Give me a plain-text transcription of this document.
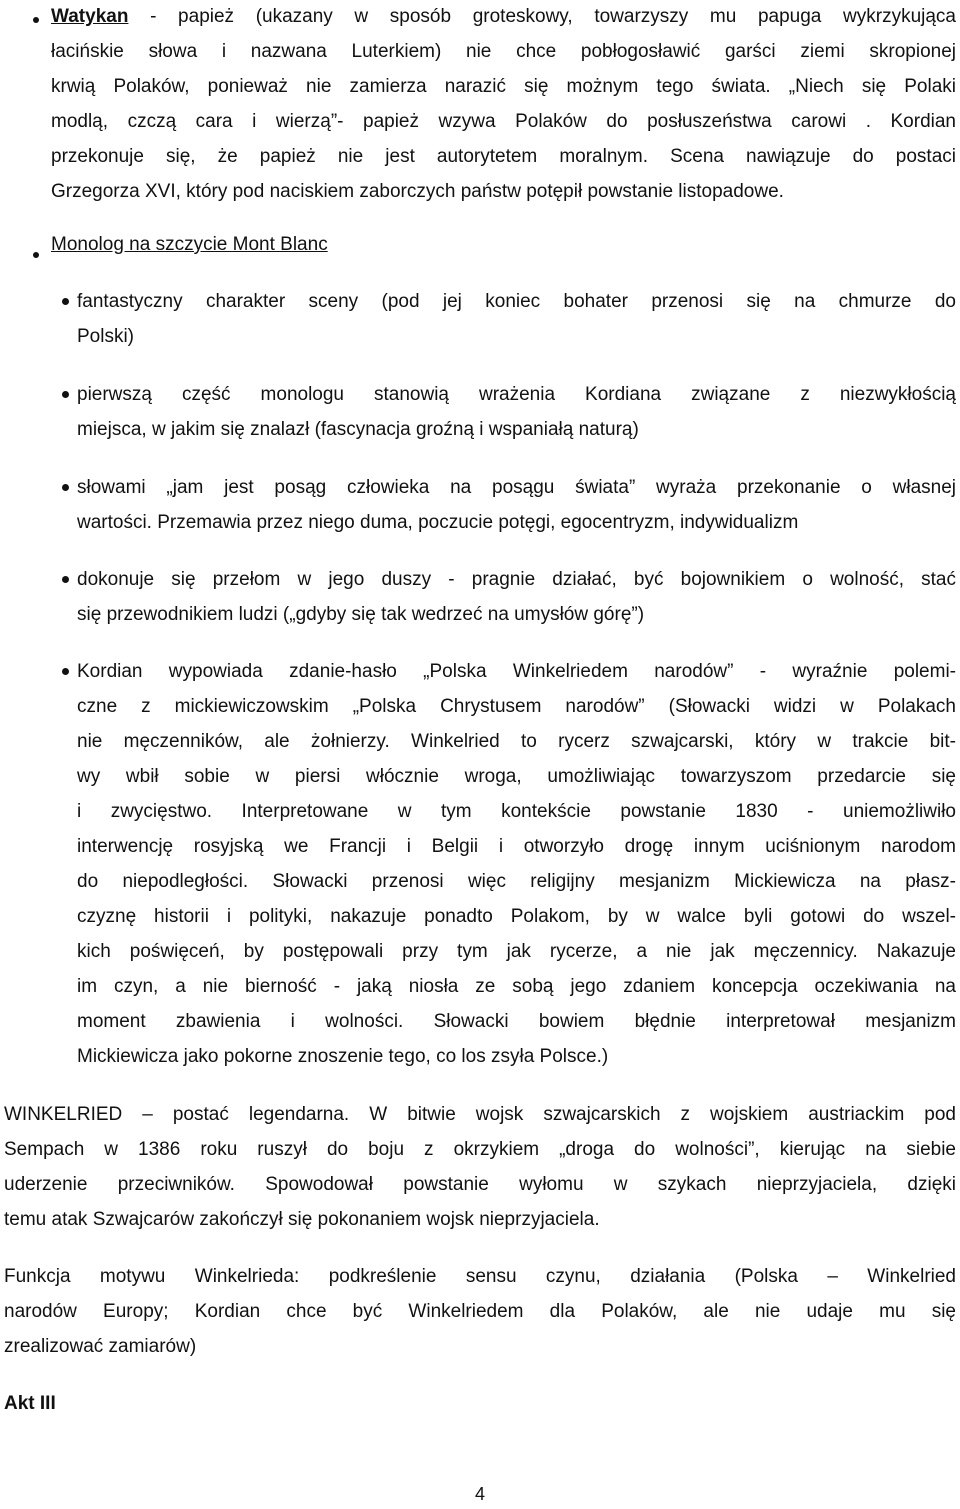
Watykan - papież (ukazany w sposób groteskowy, towarzyszy mu papuga wykrzykująca
łacińskie słowa i nazwana Luterkiem) nie chce pobłogosławić garści ziemi skropionej
krwią Polaków, ponieważ nie zamierza narazić się możnym tego świata. „Niech się Polaki
modlą, czczą cara i wierzą”- papież wzywa Polaków do posłuszeństwa carowi . Kordian
przekonuje się, że papież nie jest autorytetem moralnym. Scena nawiązuje do postaci
Grzegorza XVI, który pod naciskiem zaborczych państw potępił powstanie listopadowe.
Monolog na szczycie Mont Blanc
fantastyczny charakter sceny (pod jej koniec bohater przenosi się na chmurze do
Polski)
pierwszą część monologu stanowią wrażenia Kordiana związane z niezwykłością
miejsca, w jakim się znalazł (fascynacja groźną i wspaniałą naturą)
słowami „jam jest posąg człowieka na posągu świata” wyraża przekonanie o własnej
wartości. Przemawia przez niego duma, poczucie potęgi, egocentryzm, indywidualizm
dokonuje się przełom w jego duszy - pragnie działać, być bojownikiem o wolność, stać
się przewodnikiem ludzi („gdyby się tak wedrzeć na umysłów górę”)
Kordian wypowiada zdanie-hasło „Polska Winkelriedem narodów” - wyraźnie polemi-
czne z mickiewiczowskim „Polska Chrystusem narodów” (Słowacki widzi w Polakach
nie męczenników, ale żołnierzy. Winkelried to rycerz szwajcarski, który w trakcie bit-
wy wbił sobie w piersi włócznie wroga, umożliwiając towarzyszom przedarcie się
i zwycięstwo. Interpretowane w tym kontekście powstanie 1830 - uniemożliwiło
interwencję rosyjską we Francji i Belgii i otworzyło drogę innym uciśnionym narodom
do niepodległości. Słowacki przenosi więc religijny mesjanizm Mickiewicza na płasz-
czyznę historii i polityki, nakazuje ponadto Polakom, by w walce byli gotowi do wszel-
kich poświęceń, by postępowali przy tym jak rycerze, a nie jak męczennicy. Nakazuje
im czyn, a nie bierność - jaką niosła ze sobą jego zdaniem koncepcja oczekiwania na
moment zbawienia i wolności. Słowacki bowiem błędnie interpretował mesjanizm
Mickiewicza jako pokorne znoszenie tego, co los zsyła Polsce.)
WINKELRIED – postać legendarna. W bitwie wojsk szwajcarskich z wojskiem austriackim pod
Sempach w 1386 roku ruszył do boju z okrzykiem „droga do wolności”, kierując na siebie
uderzenie przeciwników. Spowodował powstanie wyłomu w szykach nieprzyjaciela, dzięki
temu atak Szwajcarów zakończył się pokonaniem wojsk nieprzyjaciela.
Funkcja motywu Winkelrieda: podkreślenie sensu czynu, działania (Polska – Winkelried
narodów Europy; Kordian chce być Winkelriedem dla Polaków, ale nie udaje mu się
zrealizować zamiarów)
Akt III
4
